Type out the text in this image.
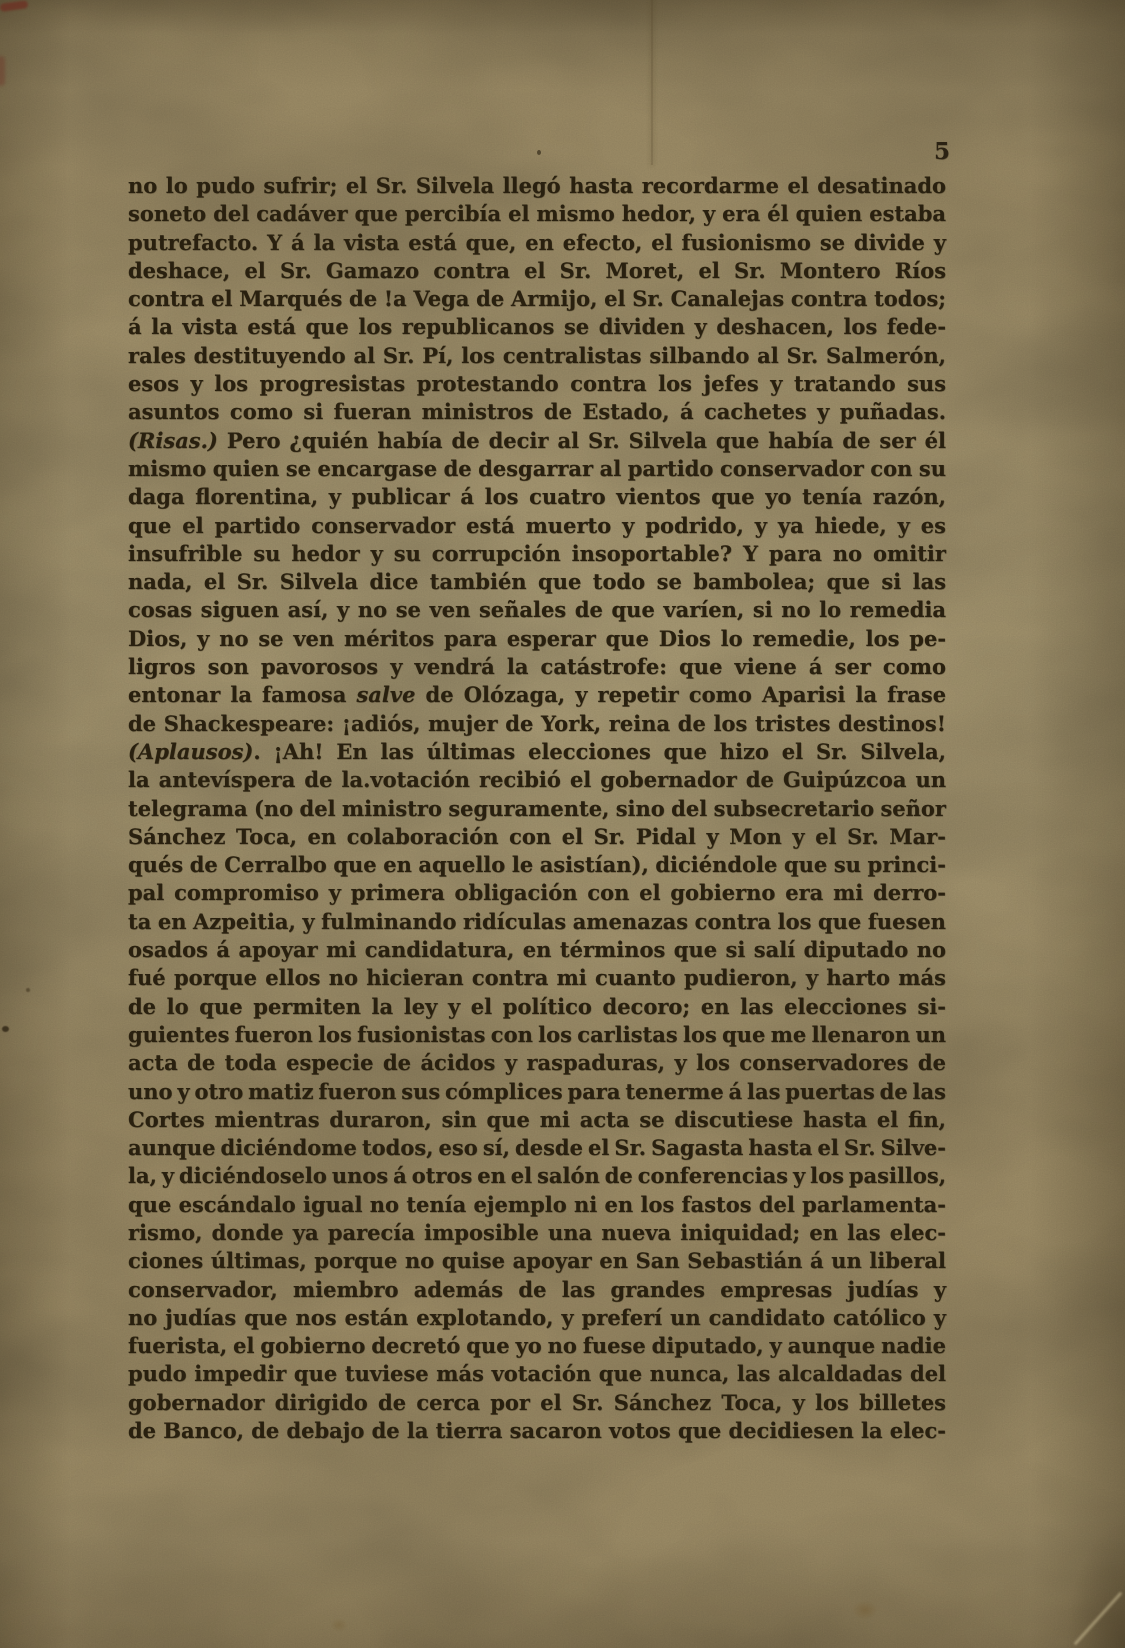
5
no lo pudo sufrir; el Sr. Silvela llegó hasta recordarme el desatinado
soneto del cadáver que percibía el mismo hedor, y era él quien estaba
putrefacto. Y á la vista está que, en efecto, el fusionismo se divide y
deshace, el Sr. Gamazo contra el Sr. Moret, el Sr. Montero Ríos
contra el Marqués de !a Vega de Armijo, el Sr. Canalejas contra todos;
á la vista está que los republicanos se dividen y deshacen, los fede-
rales destituyendo al Sr. Pí, los centralistas silbando al Sr. Salmerón,
esos y los progresistas protestando contra los jefes y tratando sus
asuntos como si fueran ministros de Estado, á cachetes y puñadas.
(Risas.) Pero ¿quién había de decir al Sr. Silvela que había de ser él
mismo quien se encargase de desgarrar al partido conservador con su
daga florentina, y publicar á los cuatro vientos que yo tenía razón,
que el partido conservador está muerto y podrido, y ya hiede, y es
insufrible su hedor y su corrupción insoportable? Y para no omitir
nada, el Sr. Silvela dice también que todo se bambolea; que si las
cosas siguen así, y no se ven señales de que varíen, si no lo remedia
Dios, y no se ven méritos para esperar que Dios lo remedie, los pe-
ligros son pavorosos y vendrá la catástrofe: que viene á ser como
entonar la famosa salve de Olózaga, y repetir como Aparisi la frase
de Shackespeare: ¡adiós, mujer de York, reina de los tristes destinos!
(Aplausos). ¡Ah! En las últimas elecciones que hizo el Sr. Silvela,
la antevíspera de la.votación recibió el gobernador de Guipúzcoa un
telegrama (no del ministro seguramente, sino del subsecretario señor
Sánchez Toca, en colaboración con el Sr. Pidal y Mon y el Sr. Mar-
qués de Cerralbo que en aquello le asistían), diciéndole que su princi-
pal compromiso y primera obligación con el gobierno era mi derro-
ta en Azpeitia, y fulminando ridículas amenazas contra los que fuesen
osados á apoyar mi candidatura, en términos que si salí diputado no
fué porque ellos no hicieran contra mi cuanto pudieron, y harto más
de lo que permiten la ley y el político decoro; en las elecciones si-
guientes fueron los fusionistas con los carlistas los que me llenaron un
acta de toda especie de ácidos y raspaduras, y los conservadores de
uno y otro matiz fueron sus cómplices para tenerme á las puertas de las
Cortes mientras duraron, sin que mi acta se discutiese hasta el fin,
aunque diciéndome todos, eso sí, desde el Sr. Sagasta hasta el Sr. Silve-
la, y diciéndoselo unos á otros en el salón de conferencias y los pasillos,
que escándalo igual no tenía ejemplo ni en los fastos del parlamenta-
rismo, donde ya parecía imposible una nueva iniquidad; en las elec-
ciones últimas, porque no quise apoyar en San Sebastián á un liberal
conservador, miembro además de las grandes empresas judías y
no judías que nos están explotando, y preferí un candidato católico y
fuerista, el gobierno decretó que yo no fuese diputado, y aunque nadie
pudo impedir que tuviese más votación que nunca, las alcaldadas del
gobernador dirigido de cerca por el Sr. Sánchez Toca, y los billetes
de Banco, de debajo de la tierra sacaron votos que decidiesen la elec-
